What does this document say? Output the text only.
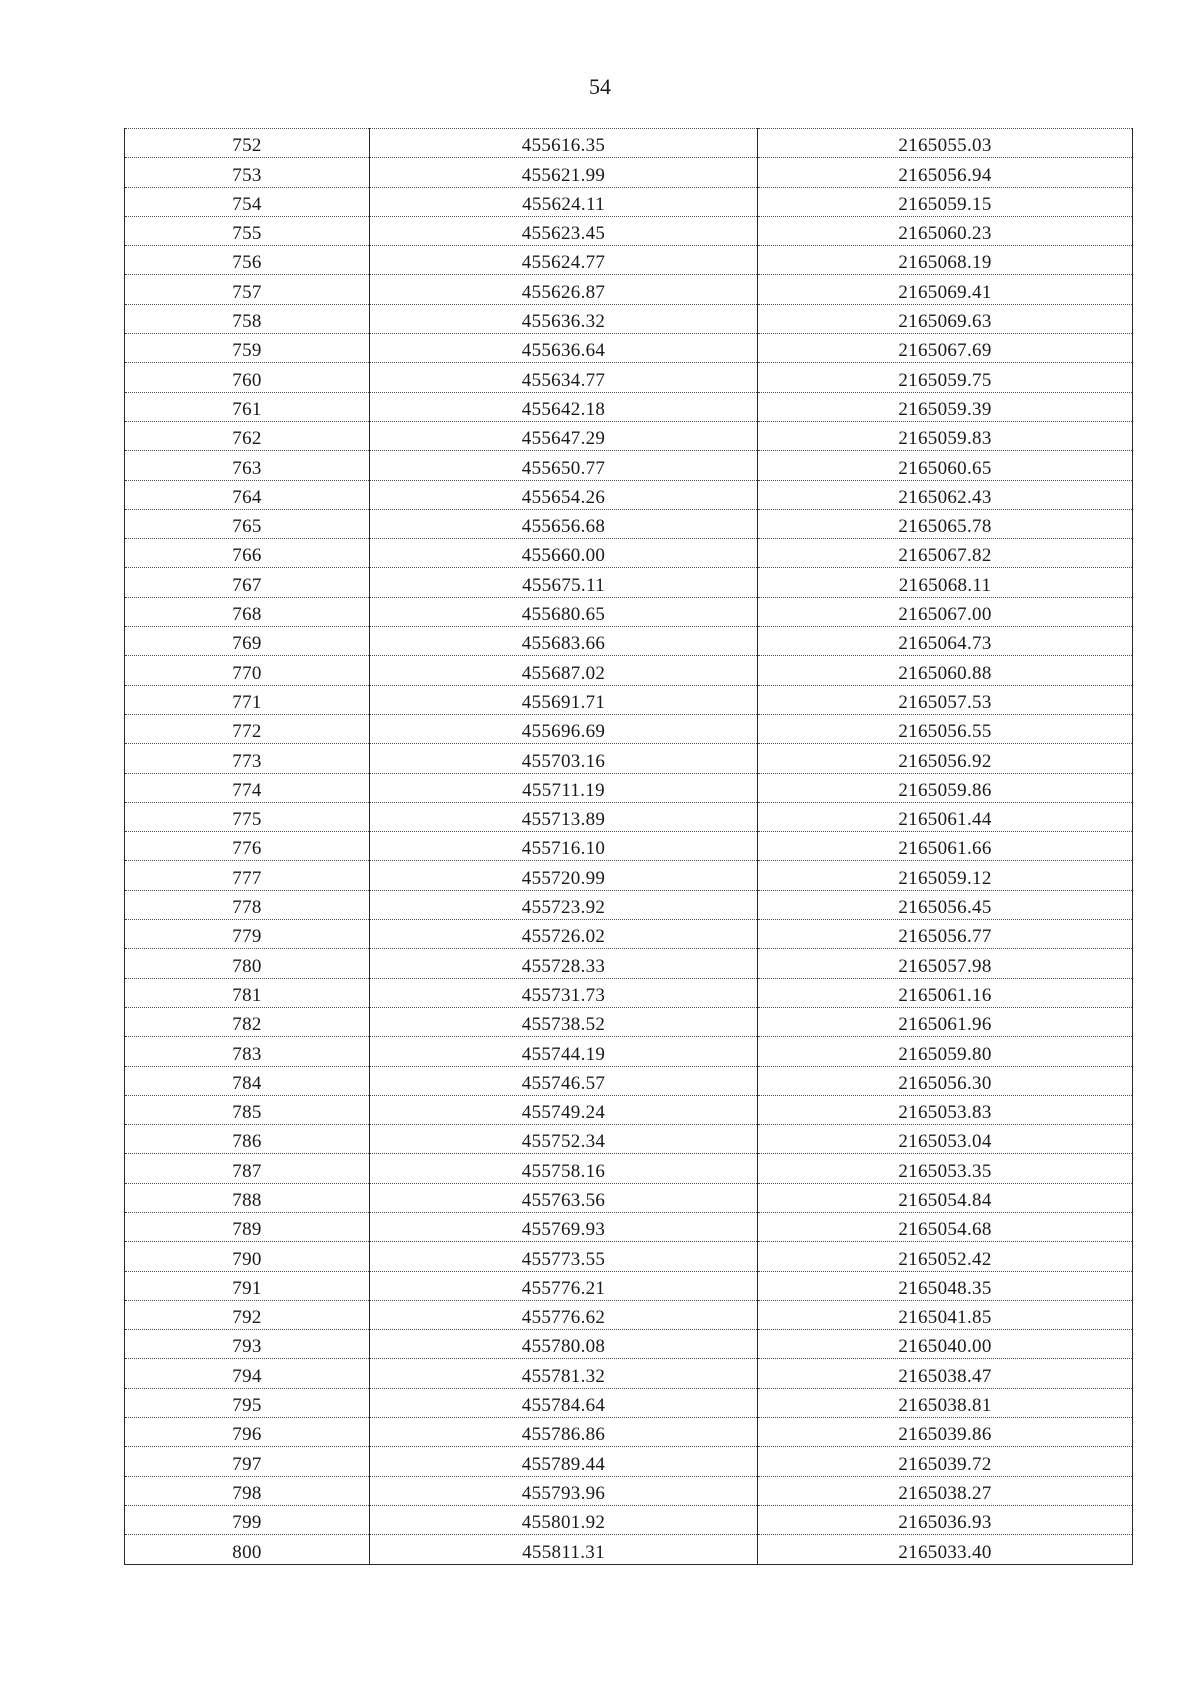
54
752	455616.35	2165055.03
753	455621.99	2165056.94
754	455624.11	2165059.15
755	455623.45	2165060.23
756	455624.77	2165068.19
757	455626.87	2165069.41
758	455636.32	2165069.63
759	455636.64	2165067.69
760	455634.77	2165059.75
761	455642.18	2165059.39
762	455647.29	2165059.83
763	455650.77	2165060.65
764	455654.26	2165062.43
765	455656.68	2165065.78
766	455660.00	2165067.82
767	455675.11	2165068.11
768	455680.65	2165067.00
769	455683.66	2165064.73
770	455687.02	2165060.88
771	455691.71	2165057.53
772	455696.69	2165056.55
773	455703.16	2165056.92
774	455711.19	2165059.86
775	455713.89	2165061.44
776	455716.10	2165061.66
777	455720.99	2165059.12
778	455723.92	2165056.45
779	455726.02	2165056.77
780	455728.33	2165057.98
781	455731.73	2165061.16
782	455738.52	2165061.96
783	455744.19	2165059.80
784	455746.57	2165056.30
785	455749.24	2165053.83
786	455752.34	2165053.04
787	455758.16	2165053.35
788	455763.56	2165054.84
789	455769.93	2165054.68
790	455773.55	2165052.42
791	455776.21	2165048.35
792	455776.62	2165041.85
793	455780.08	2165040.00
794	455781.32	2165038.47
795	455784.64	2165038.81
796	455786.86	2165039.86
797	455789.44	2165039.72
798	455793.96	2165038.27
799	455801.92	2165036.93
800	455811.31	2165033.40
